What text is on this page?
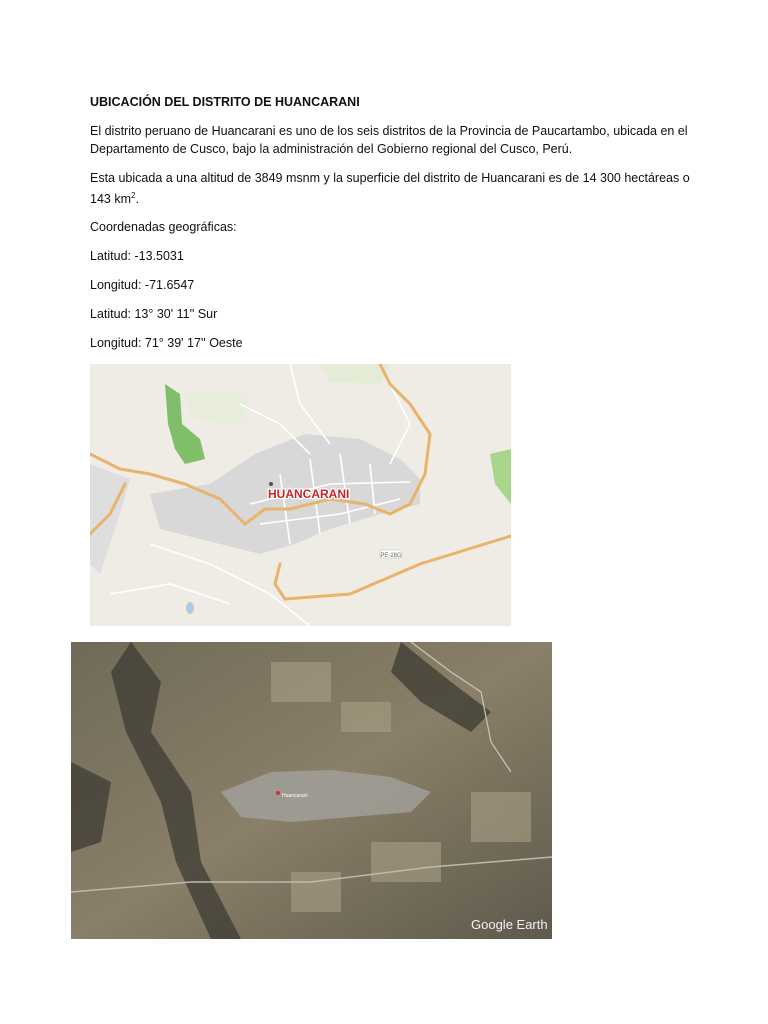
UBICACIÓN DEL DISTRITO DE HUANCARANI
El distrito peruano de Huancarani es uno de los seis distritos de la Provincia de Paucartambo, ubicada en el Departamento de Cusco, bajo la administración del Gobierno regional del Cusco, Perú.
Esta ubicada a una altitud de 3849 msnm y la superficie del distrito de Huancarani es de 14 300 hectáreas o 143 $km^2$.
Coordenadas geográficas:
Latitud: -13.5031
Longitud: -71.6547
Latitud: 13° 30' 11'' Sur
Longitud: 71° 39' 17'' Oeste
PE-28G
HUANCARANI
Huancarani
Google Earth
